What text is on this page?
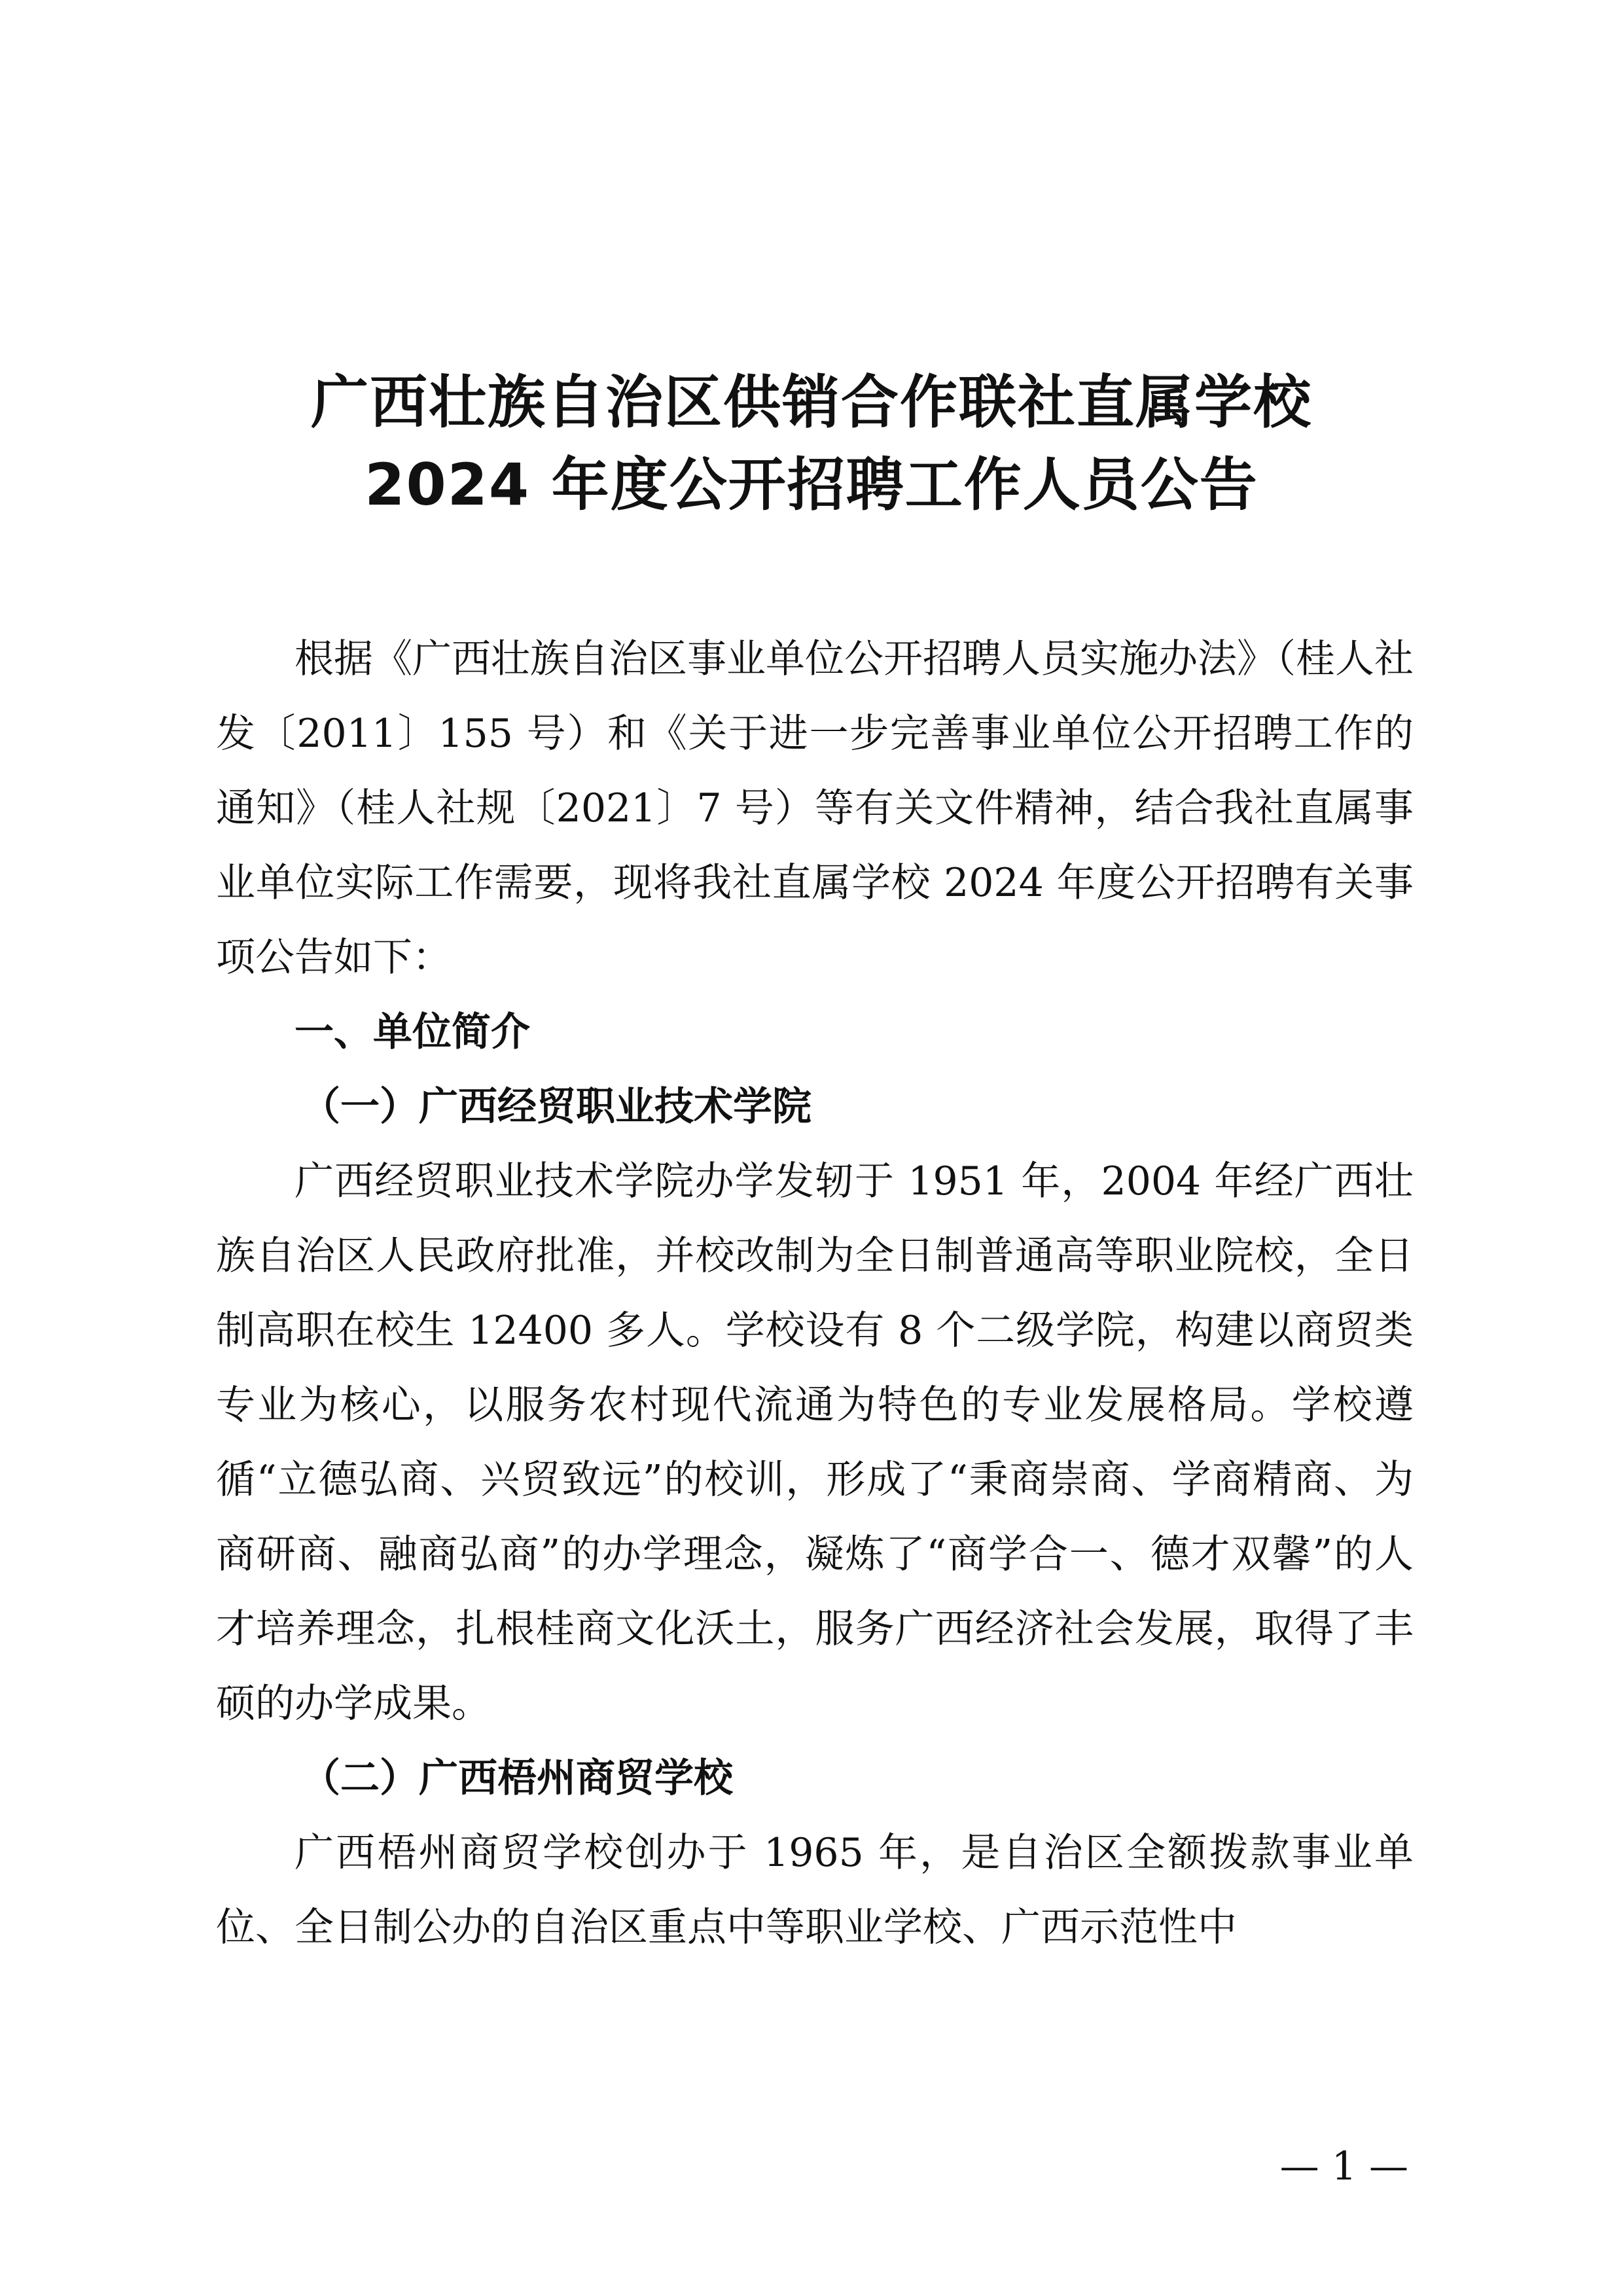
广西壮族自治区供销合作联社直属学校
2024 年度公开招聘工作人员公告

根据《广西壮族自治区事业单位公开招聘人员实施办法》（桂人社发〔2011〕155 号）和《关于进一步完善事业单位公开招聘工作的通知》（桂人社规〔2021〕7 号）等有关文件精神，结合我社直属事业单位实际工作需要，现将我社直属学校 2024 年度公开招聘有关事项公告如下：

一、单位简介
（一）广西经贸职业技术学院

广西经贸职业技术学院办学发轫于 1951 年，2004 年经广西壮族自治区人民政府批准，并校改制为全日制普通高等职业院校，全日制高职在校生 12400 多人。学校设有 8 个二级学院，构建以商贸类专业为核心，以服务农村现代流通为特色的专业发展格局。学校遵循“立德弘商、兴贸致远”的校训，形成了“秉商崇商、学商精商、为商研商、融商弘商”的办学理念，凝炼了“商学合一、德才双馨”的人才培养理念，扎根桂商文化沃土，服务广西经济社会发展，取得了丰硕的办学成果。

（二）广西梧州商贸学校

广西梧州商贸学校创办于 1965 年，是自治区全额拨款事业单位、全日制公办的自治区重点中等职业学校、广西示范性中

— 1 —
